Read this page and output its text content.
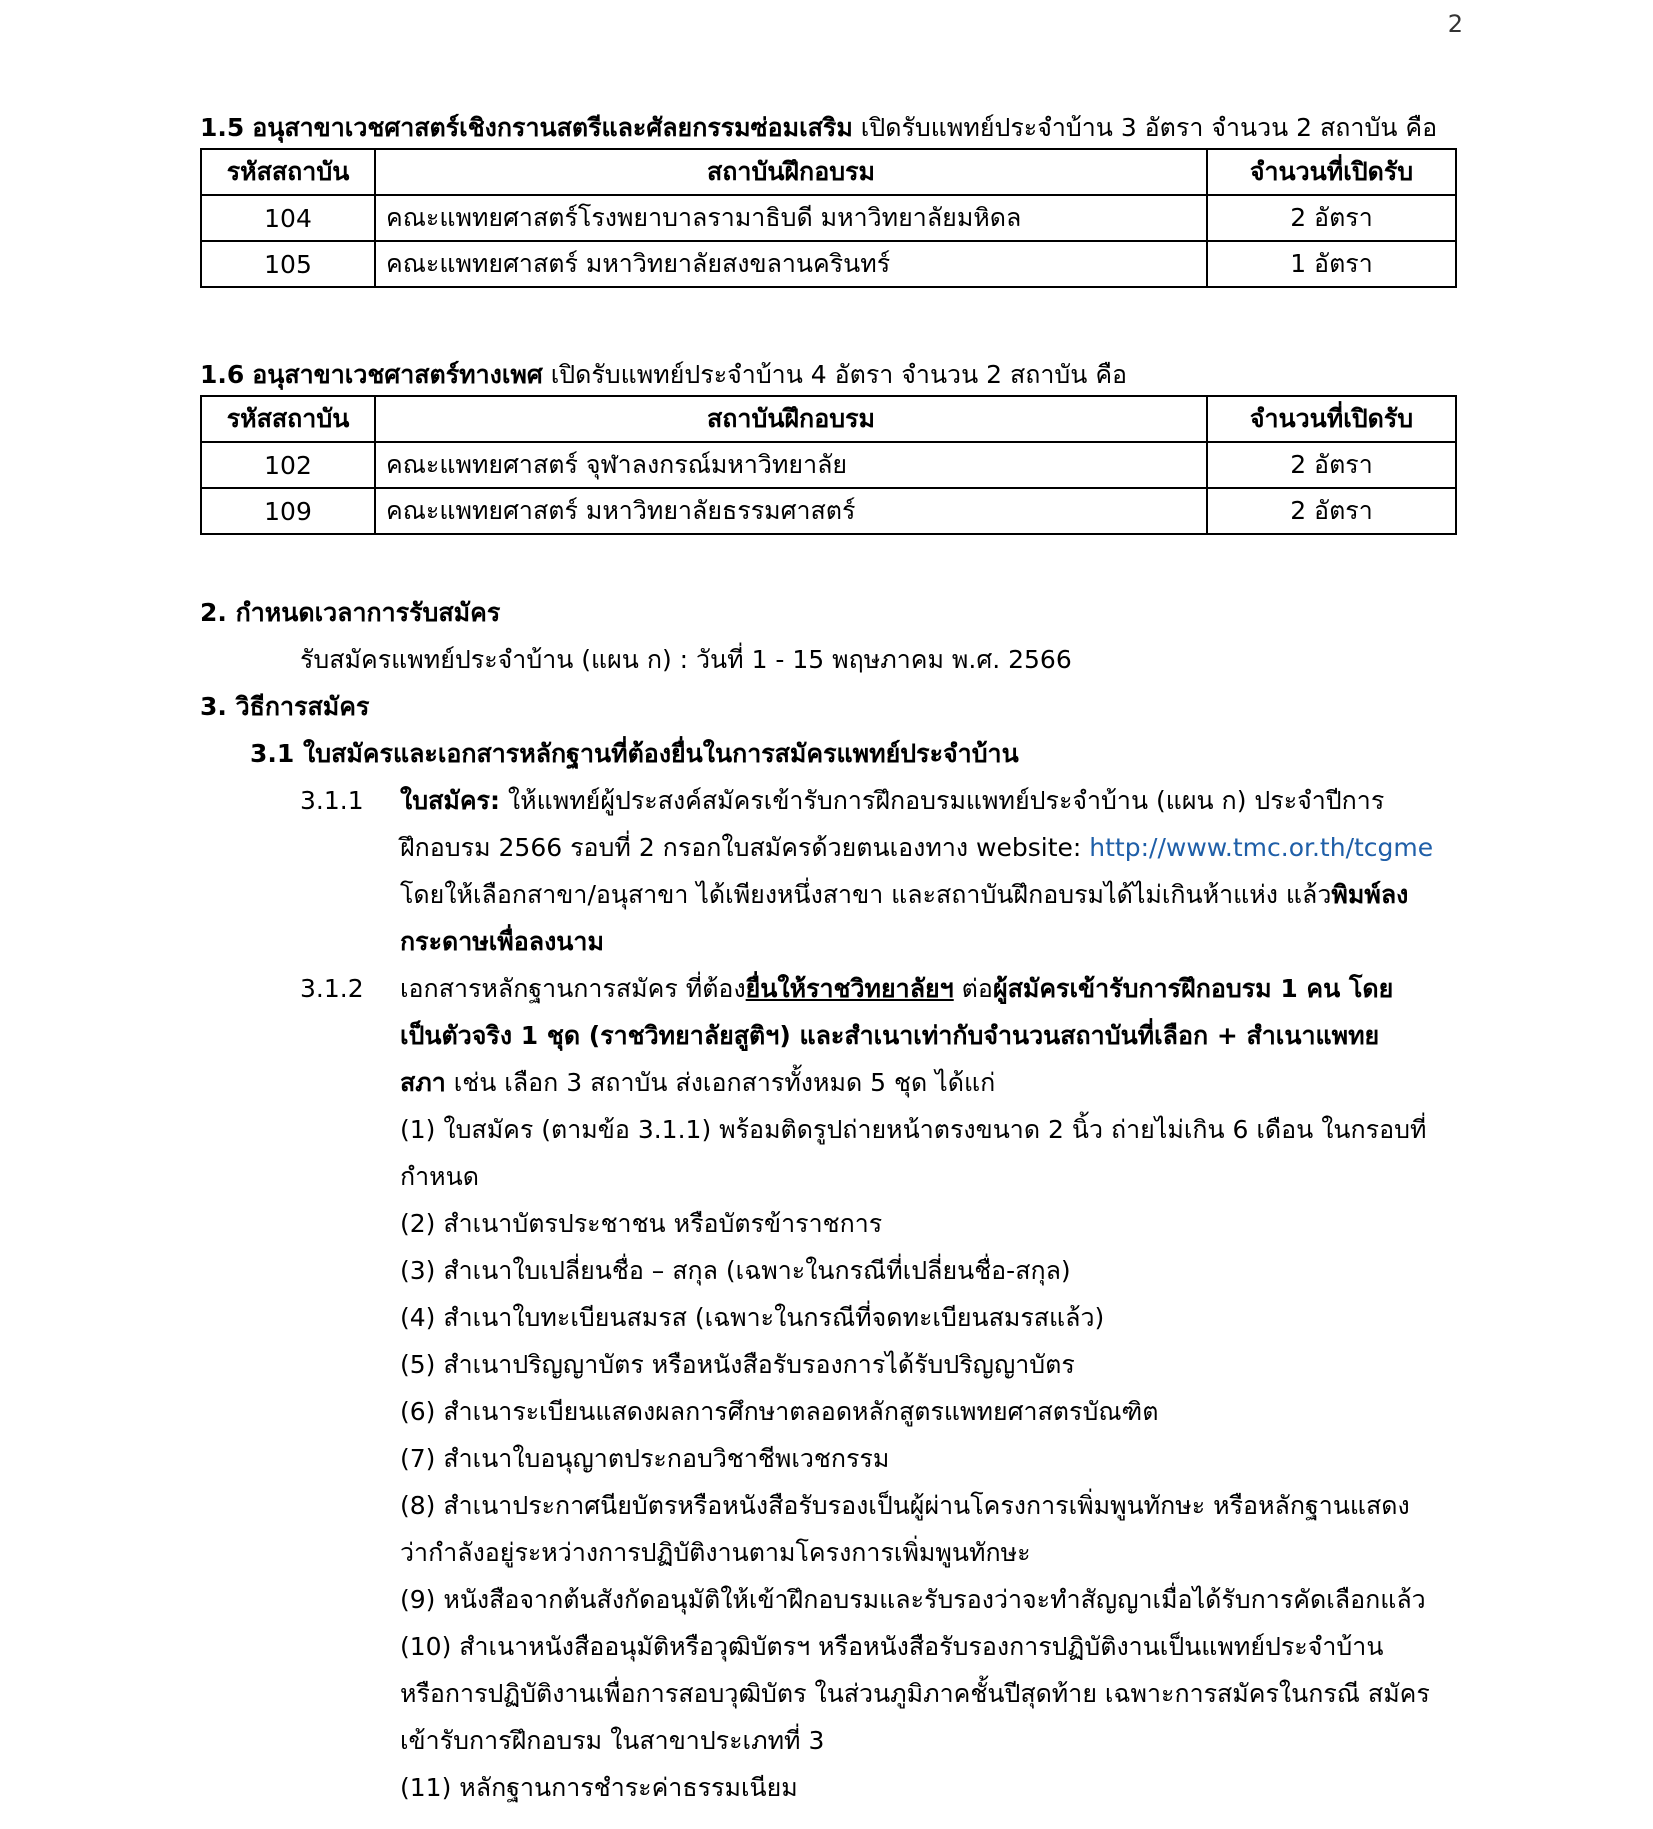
2
1.5 อนุสาขาเวชศาสตร์เชิงกรานสตรีและศัลยกรรมซ่อมเสริม เปิดรับแพทย์ประจำบ้าน 3 อัตรา จำนวน 2 สถาบัน คือ
รหัสสถาบัน	สถาบันฝึกอบรม	จำนวนที่เปิดรับ
104	คณะแพทยศาสตร์โรงพยาบาลรามาธิบดี มหาวิทยาลัยมหิดล	2 อัตรา
105	คณะแพทยศาสตร์ มหาวิทยาลัยสงขลานครินทร์	1 อัตรา
1.6 อนุสาขาเวชศาสตร์ทางเพศ เปิดรับแพทย์ประจำบ้าน 4 อัตรา จำนวน 2 สถาบัน คือ
รหัสสถาบัน	สถาบันฝึกอบรม	จำนวนที่เปิดรับ
102	คณะแพทยศาสตร์ จุฬาลงกรณ์มหาวิทยาลัย	2 อัตรา
109	คณะแพทยศาสตร์ มหาวิทยาลัยธรรมศาสตร์	2 อัตรา
2. กำหนดเวลาการรับสมัคร
รับสมัครแพทย์ประจำบ้าน (แผน ก) : วันที่ 1 - 15 พฤษภาคม พ.ศ. 2566
3. วิธีการสมัคร
3.1 ใบสมัครและเอกสารหลักฐานที่ต้องยื่นในการสมัครแพทย์ประจำบ้าน
3.1.1 ใบสมัคร: ให้แพทย์ผู้ประสงค์สมัครเข้ารับการฝึกอบรมแพทย์ประจำบ้าน (แผน ก) ประจำปีการ
ฝึกอบรม 2566 รอบที่ 2 กรอกใบสมัครด้วยตนเองทาง website: http://www.tmc.or.th/tcgme
โดยให้เลือกสาขา/อนุสาขา ได้เพียงหนึ่งสาขา และสถาบันฝึกอบรมได้ไม่เกินห้าแห่ง แล้วพิมพ์ลง
กระดาษเพื่อลงนาม
3.1.2 เอกสารหลักฐานการสมัคร ที่ต้องยื่นให้ราชวิทยาลัยฯ ต่อผู้สมัครเข้ารับการฝึกอบรม 1 คน โดย
เป็นตัวจริง 1 ชุด (ราชวิทยาลัยสูติฯ) และสำเนาเท่ากับจำนวนสถาบันที่เลือก + สำเนาแพทย
สภา เช่น เลือก 3 สถาบัน ส่งเอกสารทั้งหมด 5 ชุด ได้แก่
(1) ใบสมัคร (ตามข้อ 3.1.1) พร้อมติดรูปถ่ายหน้าตรงขนาด 2 นิ้ว ถ่ายไม่เกิน 6 เดือน ในกรอบที่
กำหนด
(2) สำเนาบัตรประชาชน หรือบัตรข้าราชการ
(3) สำเนาใบเปลี่ยนชื่อ – สกุล (เฉพาะในกรณีที่เปลี่ยนชื่อ-สกุล)
(4) สำเนาใบทะเบียนสมรส (เฉพาะในกรณีที่จดทะเบียนสมรสแล้ว)
(5) สำเนาปริญญาบัตร หรือหนังสือรับรองการได้รับปริญญาบัตร
(6) สำเนาระเบียนแสดงผลการศึกษาตลอดหลักสูตรแพทยศาสตรบัณฑิต
(7) สำเนาใบอนุญาตประกอบวิชาชีพเวชกรรม
(8) สำเนาประกาศนียบัตรหรือหนังสือรับรองเป็นผู้ผ่านโครงการเพิ่มพูนทักษะ หรือหลักฐานแสดง
ว่ากำลังอยู่ระหว่างการปฏิบัติงานตามโครงการเพิ่มพูนทักษะ
(9) หนังสือจากต้นสังกัดอนุมัติให้เข้าฝึกอบรมและรับรองว่าจะทำสัญญาเมื่อได้รับการคัดเลือกแล้ว
(10) สำเนาหนังสืออนุมัติหรือวุฒิบัตรฯ หรือหนังสือรับรองการปฏิบัติงานเป็นแพทย์ประจำบ้าน
หรือการปฏิบัติงานเพื่อการสอบวุฒิบัตร ในส่วนภูมิภาคชั้นปีสุดท้าย เฉพาะการสมัครในกรณี สมัคร
เข้ารับการฝึกอบรม ในสาขาประเภทที่ 3
(11) หลักฐานการชำระค่าธรรมเนียม
